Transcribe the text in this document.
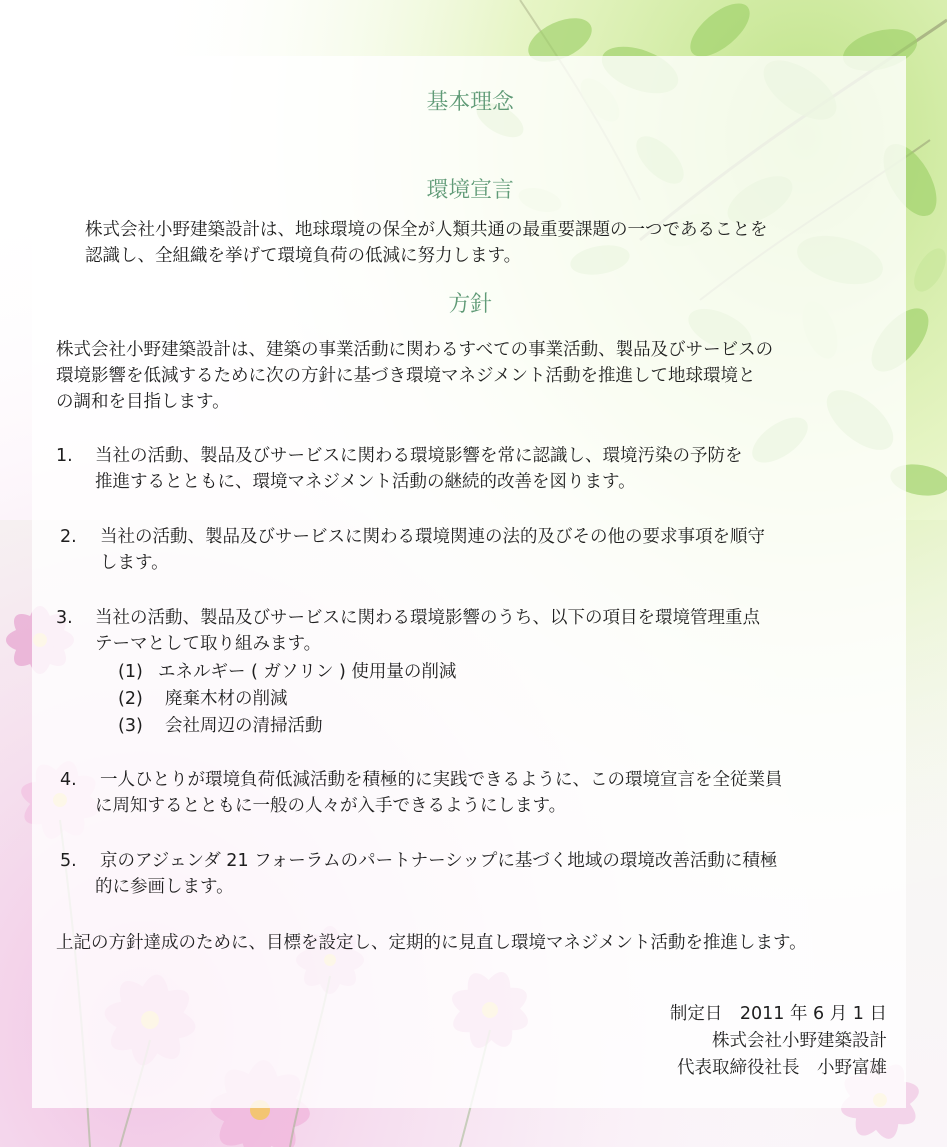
基本理念
環境宣言
株式会社小野建築設計は、地球環境の保全が人類共通の最重要課題の一つであることを
認識し、全組織を挙げて環境負荷の低減に努力します。
方針
株式会社小野建築設計は、建築の事業活動に関わるすべての事業活動、製品及びサービスの
環境影響を低減するために次の方針に基づき環境マネジメント活動を推進して地球環境と
の調和を目指します。
1. 当社の活動、製品及びサービスに関わる環境影響を常に認識し、環境汚染の予防を
推進するとともに、環境マネジメント活動の継続的改善を図ります。
2. 当社の活動、製品及びサービスに関わる環境関連の法的及びその他の要求事項を順守
します。
3. 当社の活動、製品及びサービスに関わる環境影響のうち、以下の項目を環境管理重点
テーマとして取り組みます。
(1) エネルギー ( ガソリン ) 使用量の削減
(2) 廃棄木材の削減
(3) 会社周辺の清掃活動
4. 一人ひとりが環境負荷低減活動を積極的に実践できるように、この環境宣言を全従業員
に周知するとともに一般の人々が入手できるようにします。
5. 京のアジェンダ 21 フォーラムのパートナーシップに基づく地域の環境改善活動に積極
的に参画します。
上記の方針達成のために、目標を設定し、定期的に見直し環境マネジメント活動を推進します。
制定日　2011 年 6 月 1 日
株式会社小野建築設計
代表取締役社長　小野富雄
